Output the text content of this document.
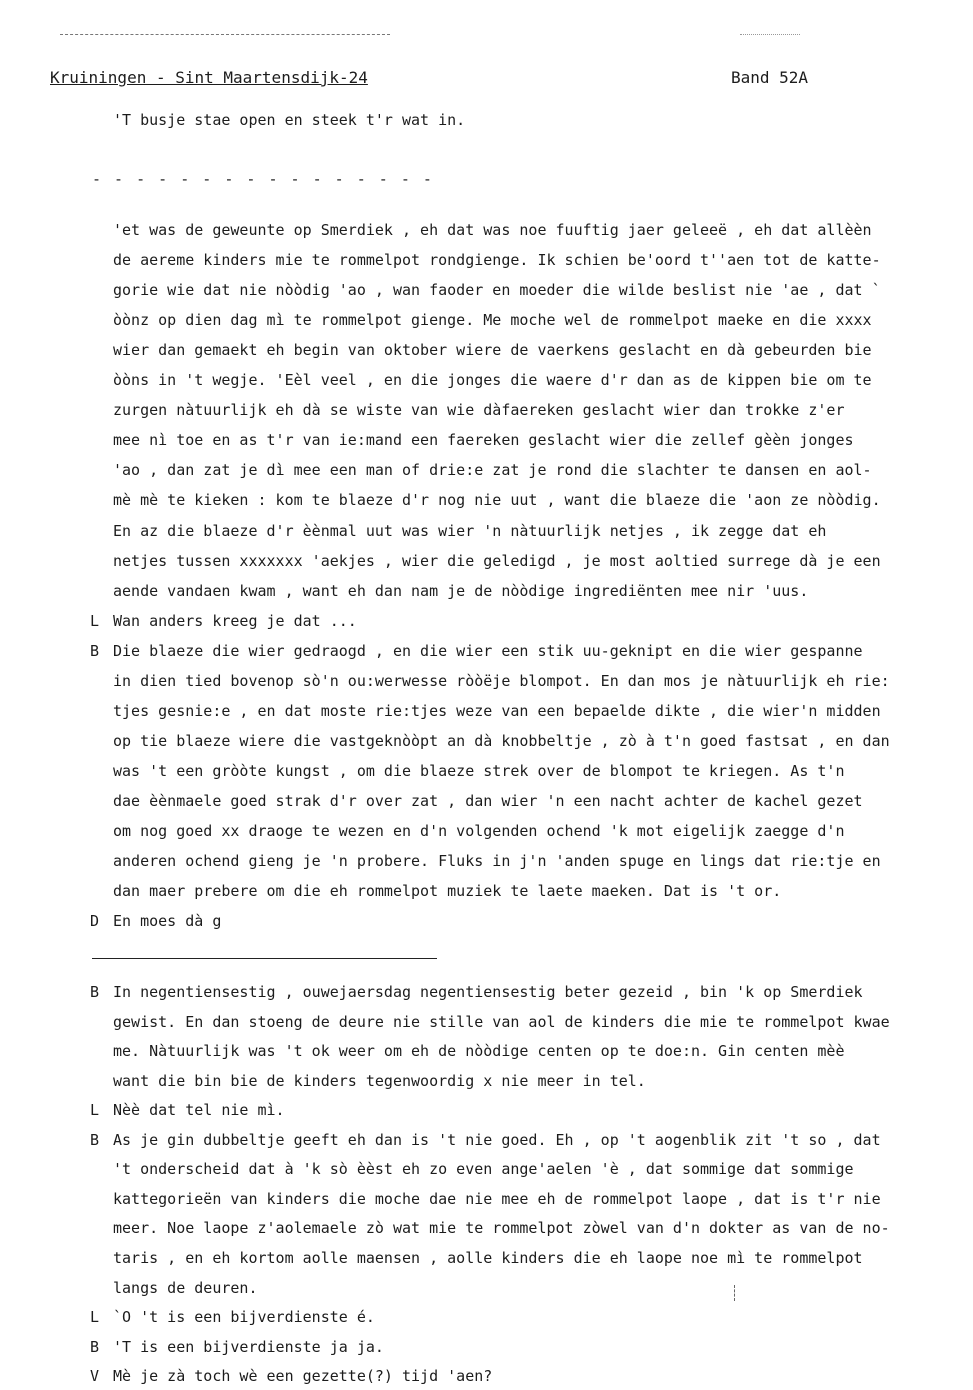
Kruiningen - Sint Maartensdijk-24	Band 52A
'T busje stae open en steek t'r wat in.
- - - - - - - - - - - - - - - -
'et was de geweunte op Smerdiek , eh dat was noe fuuftig jaer geleeë , eh dat allèèn
de aereme kinders mie te rommelpot rondgienge. Ik schien be'oord t''aen tot de katte-
gorie wie dat nie nòòdig 'ao , wan faoder en moeder die wilde beslist nie 'ae , dat `
òònz op dien dag mì te rommelpot gienge. Me moche wel de rommelpot maeke en die xxxx
wier dan gemaekt eh begin van oktober wiere de vaerkens geslacht en dà gebeurden bie
òòns in 't wegje. 'Eèl veel , en die jonges die waere d'r dan as de kippen bie om te
zurgen nàtuurlijk eh dà se wiste van wie dàfaereken geslacht wier dan trokke z'er
mee nì toe en as t'r van ie:mand een faereken geslacht wier die zellef gèèn jonges
'ao , dan zat je dì mee een man of drie:e zat je rond die slachter te dansen en aol-
mè mè te kieken : kom te blaeze d'r nog nie uut , want die blaeze die 'aon ze nòòdig.
En az die blaeze d'r èènmal uut was wier 'n nàtuurlijk netjes , ik zegge dat eh
netjes tussen xxxxxxx 'aekjes , wier die geledigd , je most aoltied surrege dà je een
aende vandaen kwam , want eh dan nam je de nòòdige ingrediënten mee nir 'uus.
L Wan anders kreeg je dat ...
B Die blaeze die wier gedraogd , en die wier een stik uu-geknipt en die wier gespanne
in dien tied bovenop sò'n ou:werwesse ròòëje blompot. En dan mos je nàtuurlijk eh rie:
tjes gesnie:e , en dat moste rie:tjes weze van een bepaelde dikte , die wier'n midden
op tie blaeze wiere die vastgeknòòpt an dà knobbeltje , zò à t'n goed fastsat , en dan
was 't een gròòte kungst , om die blaeze strek over de blompot te kriegen. As t'n
dae èènmaele goed strak d'r over zat , dan wier 'n een nacht achter de kachel gezet
om nog goed xx draoge te wezen en d'n volgenden ochend 'k mot eigelijk zaegge d'n
anderen ochend gieng je 'n probere. Fluks in j'n 'anden spuge en lings dat rie:tje en
dan maer prebere om die eh rommelpot muziek te laete maeken. Dat is 't or.
D En moes dà g
B In negentiensestig , ouwejaersdag negentiensestig beter gezeid , bin 'k op Smerdiek
gewist. En dan stoeng de deure nie stille van aol de kinders die mie te rommelpot kwae
me. Nàtuurlijk was 't ok weer om eh de nòòdige centen op te doe:n. Gin centen mèè
want die bin bie de kinders tegenwoordig x nie meer in tel.
L Nèè dat tel nie mì.
B As je gin dubbeltje geeft eh dan is 't nie goed. Eh , op 't aogenblik zit 't so , dat
't onderscheid dat à 'k sò èèst eh zo even ange'aelen 'è , dat sommige dat sommige
kattegorieën van kinders die moche dae nie mee eh de rommelpot laope , dat is t'r nie
meer. Noe laope z'aolemaele zò wat mie te rommelpot zòwel van d'n dokter as van de no-
taris , en eh kortom aolle maensen , aolle kinders die eh laope noe mì te rommelpot
langs de deuren.
L `O 't is een bijverdienste é.
B 'T is een bijverdienste ja ja.
V Mè je zà toch wè een gezette(?) tijd 'aen?
